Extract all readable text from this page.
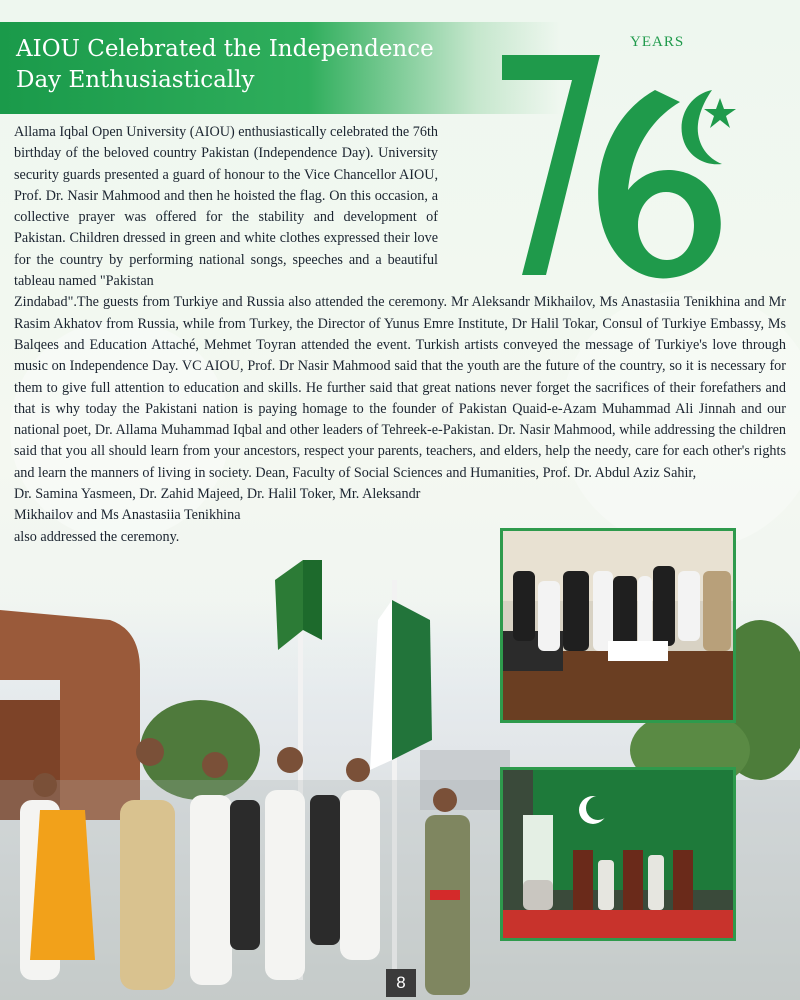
AIOU Celebrated the Independence Day Enthusiastically
YEARS
Allama Iqbal Open University (AIOU) enthusiastically celebrated the 76th birthday of the beloved country Pakistan (Independence Day). University security guards presented a guard of honour to the Vice Chancellor AIOU, Prof. Dr. Nasir Mahmood and then he hoisted the flag. On this occasion, a collective prayer was offered for the stability and development of Pakistan. Children dressed in green and white clothes expressed their love for the country by performing national songs, speeches and a beautiful tableau named "Pakistan
Zindabad".The guests from Turkiye and Russia also attended the ceremony. Mr Aleksandr Mikhailov, Ms Anastasiia Tenikhina and Mr Rasim Akhatov from Russia, while from Turkey, the Director of Yunus Emre Institute, Dr Halil Tokar, Consul of Turkiye Embassy, Ms Balqees and Education Attaché, Mehmet Toyran attended the event. Turkish artists conveyed the message of Turkiye's love through music on Independence Day. VC AIOU, Prof. Dr Nasir Mahmood said that the youth are the future of the country, so it is necessary for them to give full attention to education and skills. He further said that great nations never forget the sacrifices of their forefathers and that is why today the Pakistani nation is paying homage to the founder of Pakistan Quaid-e-Azam Muhammad Ali Jinnah and our national poet, Dr. Allama Muhammad Iqbal and other leaders of Tehreek-e-Pakistan. Dr. Nasir Mahmood, while addressing the children said that you all should learn from your ancestors, respect your parents, teachers, and elders, help the needy, care for each other's rights and learn the manners of living in society. Dean, Faculty of Social Sciences and Humanities, Prof. Dr. Abdul Aziz Sahir,
Dr. Samina Yasmeen, Dr. Zahid Majeed, Dr. Halil Toker, Mr. Aleksandr
Mikhailov and Ms Anastasiia Tenikhina
also addressed the ceremony.
8
